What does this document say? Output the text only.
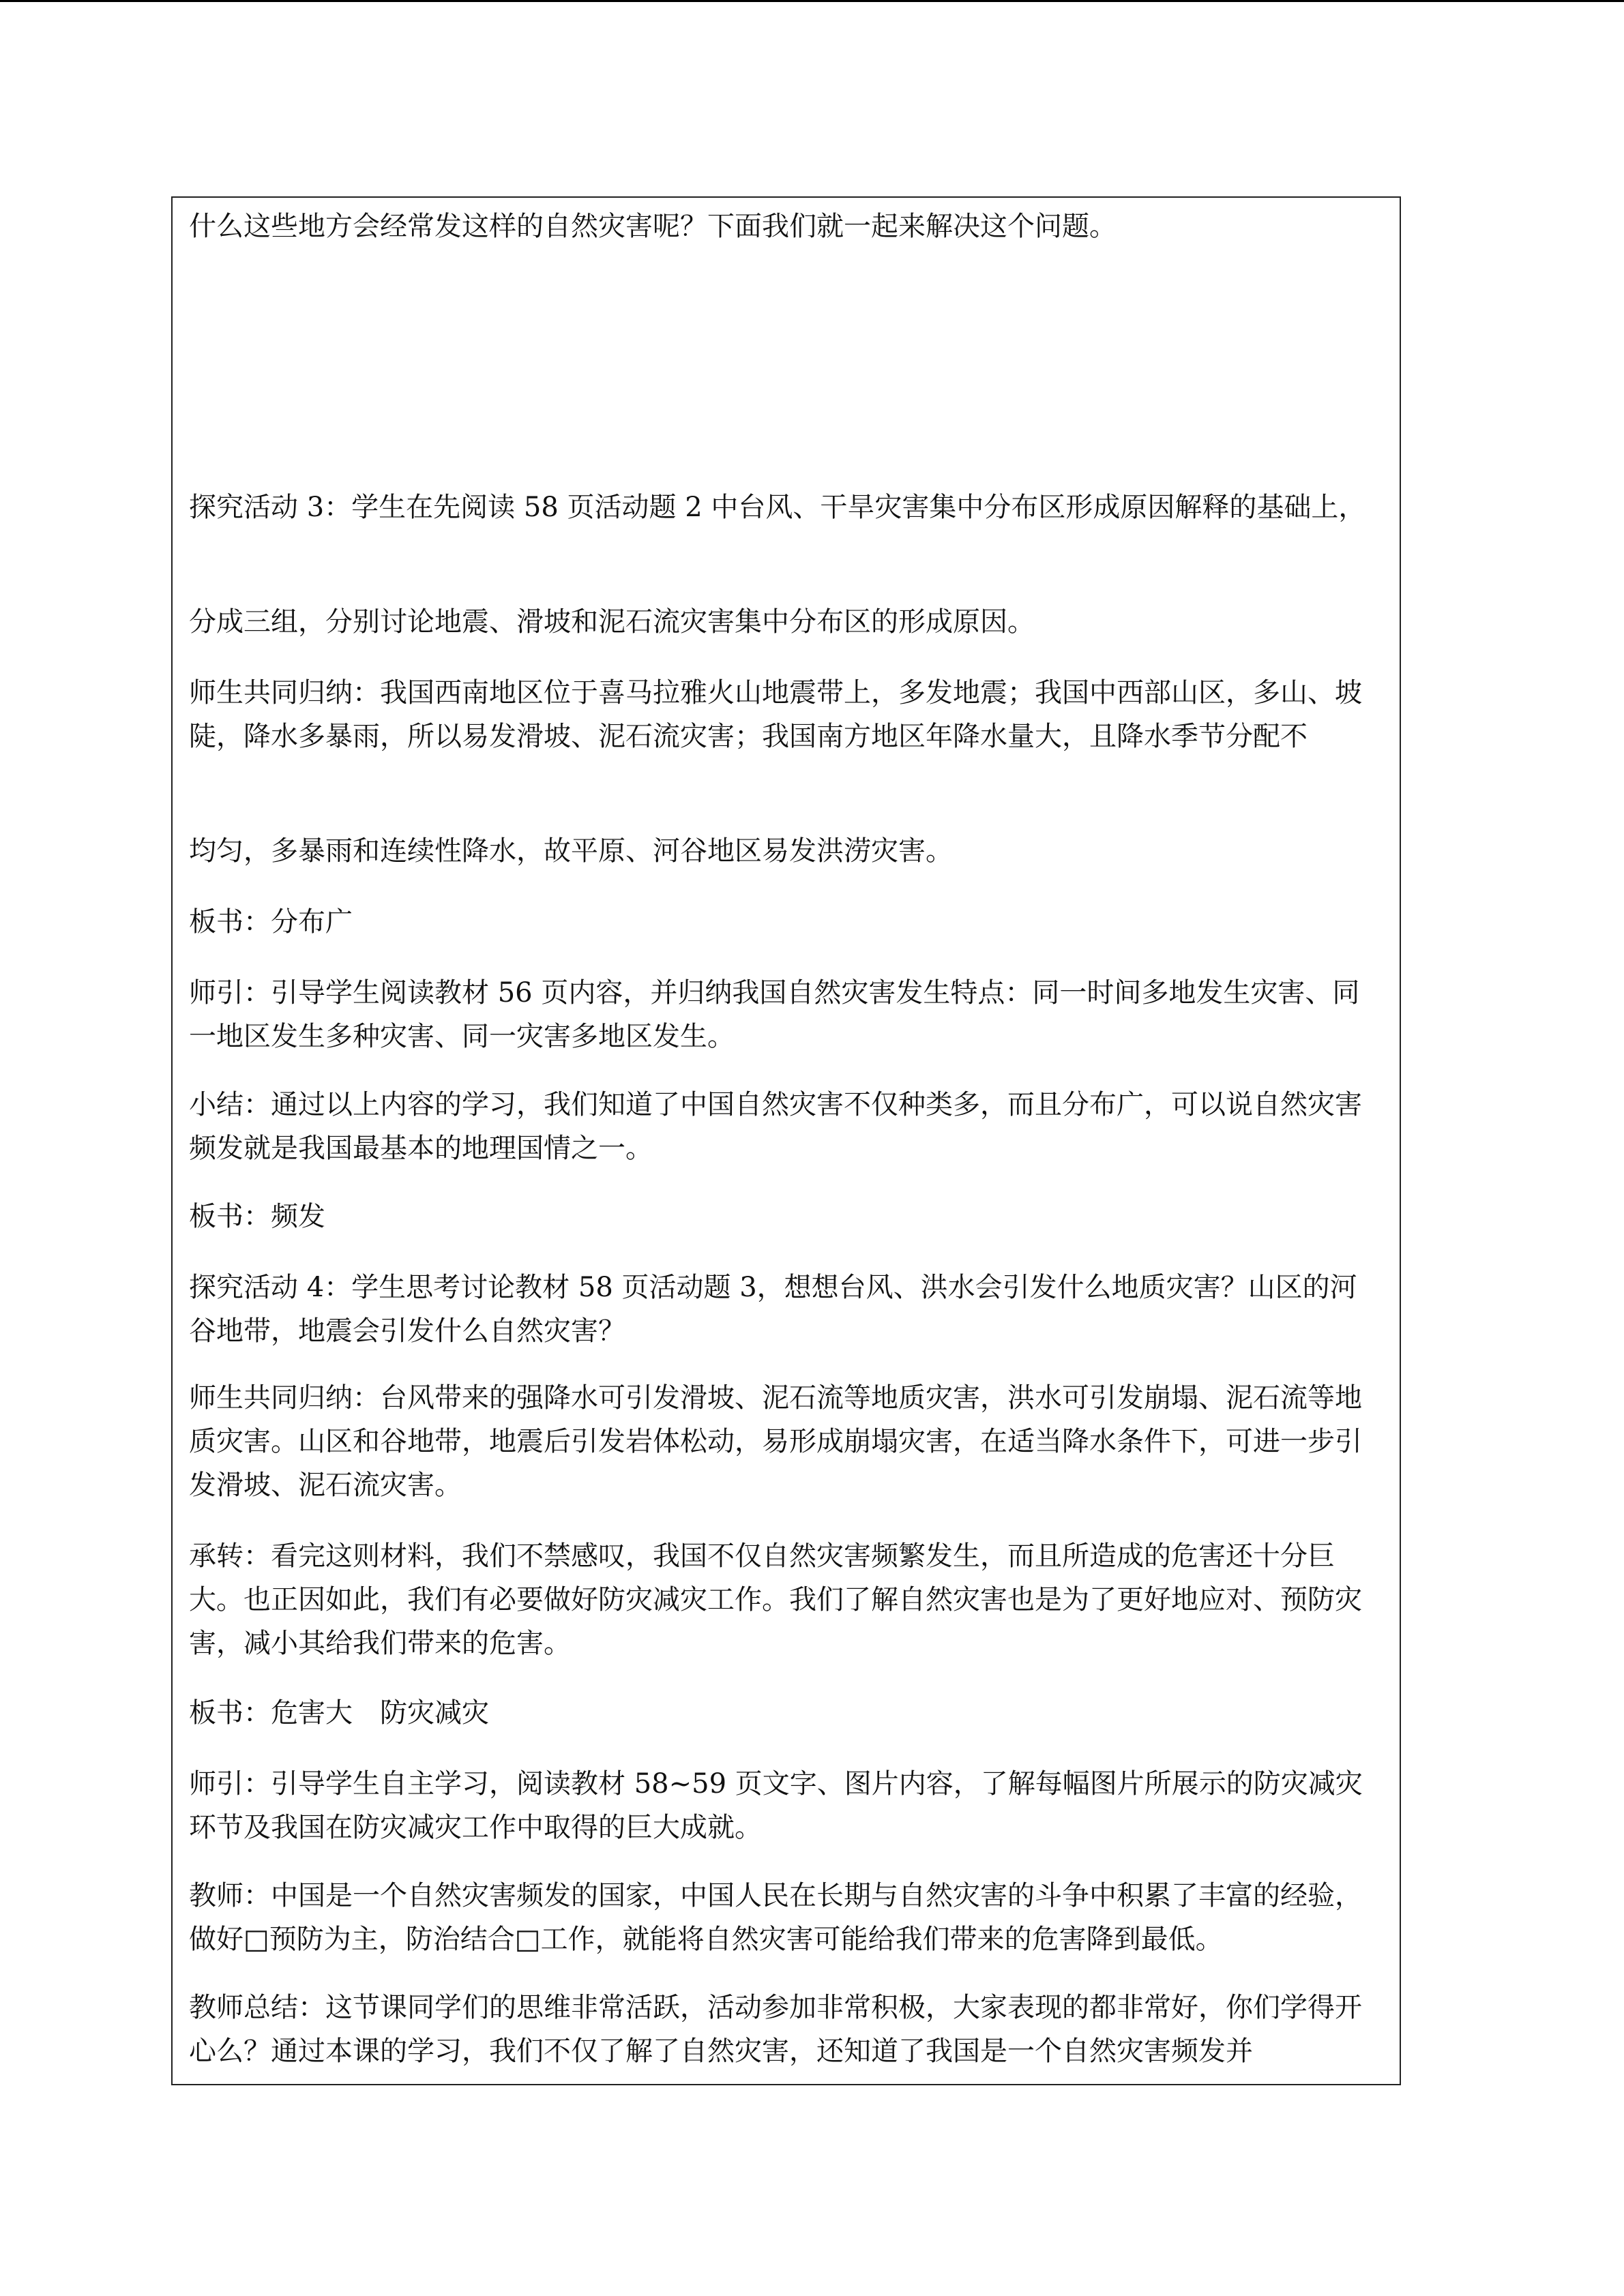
什么这些地方会经常发这样的自然灾害呢？下面我们就一起来解决这个问题。

探究活动 3：学生在先阅读 58 页活动题 2 中台风、干旱灾害集中分布区形成原因解释的基础上，

分成三组，分别讨论地震、滑坡和泥石流灾害集中分布区的形成原因。

师生共同归纳：我国西南地区位于喜马拉雅火山地震带上，多发地震；我国中西部山区，多山、坡陡，降水多暴雨，所以易发滑坡、泥石流灾害；我国南方地区年降水量大，且降水季节分配不

均匀，多暴雨和连续性降水，故平原、河谷地区易发洪涝灾害。

板书：分布广

师引：引导学生阅读教材 56 页内容，并归纳我国自然灾害发生特点：同一时间多地发生灾害、同一地区发生多种灾害、同一灾害多地区发生。

小结：通过以上内容的学习，我们知道了中国自然灾害不仅种类多，而且分布广，可以说自然灾害频发就是我国最基本的地理国情之一。

板书：频发

探究活动 4：学生思考讨论教材 58 页活动题 3，想想台风、洪水会引发什么地质灾害？山区的河谷地带，地震会引发什么自然灾害？

师生共同归纳：台风带来的强降水可引发滑坡、泥石流等地质灾害，洪水可引发崩塌、泥石流等地质灾害。山区和谷地带，地震后引发岩体松动，易形成崩塌灾害，在适当降水条件下，可进一步引发滑坡、泥石流灾害。

承转：看完这则材料，我们不禁感叹，我国不仅自然灾害频繁发生，而且所造成的危害还十分巨大。也正因如此，我们有必要做好防灾减灾工作。我们了解自然灾害也是为了更好地应对、预防灾害，减小其给我们带来的危害。

板书：危害大　防灾减灾

师引：引导学生自主学习，阅读教材 58~59 页文字、图片内容，了解每幅图片所展示的防灾减灾环节及我国在防灾减灾工作中取得的巨大成就。

教师：中国是一个自然灾害频发的国家，中国人民在长期与自然灾害的斗争中积累了丰富的经验，做好□预防为主，防治结合□工作，就能将自然灾害可能给我们带来的危害降到最低。

教师总结：这节课同学们的思维非常活跃，活动参加非常积极，大家表现的都非常好，你们学得开心么？通过本课的学习，我们不仅了解了自然灾害，还知道了我国是一个自然灾害频发并
